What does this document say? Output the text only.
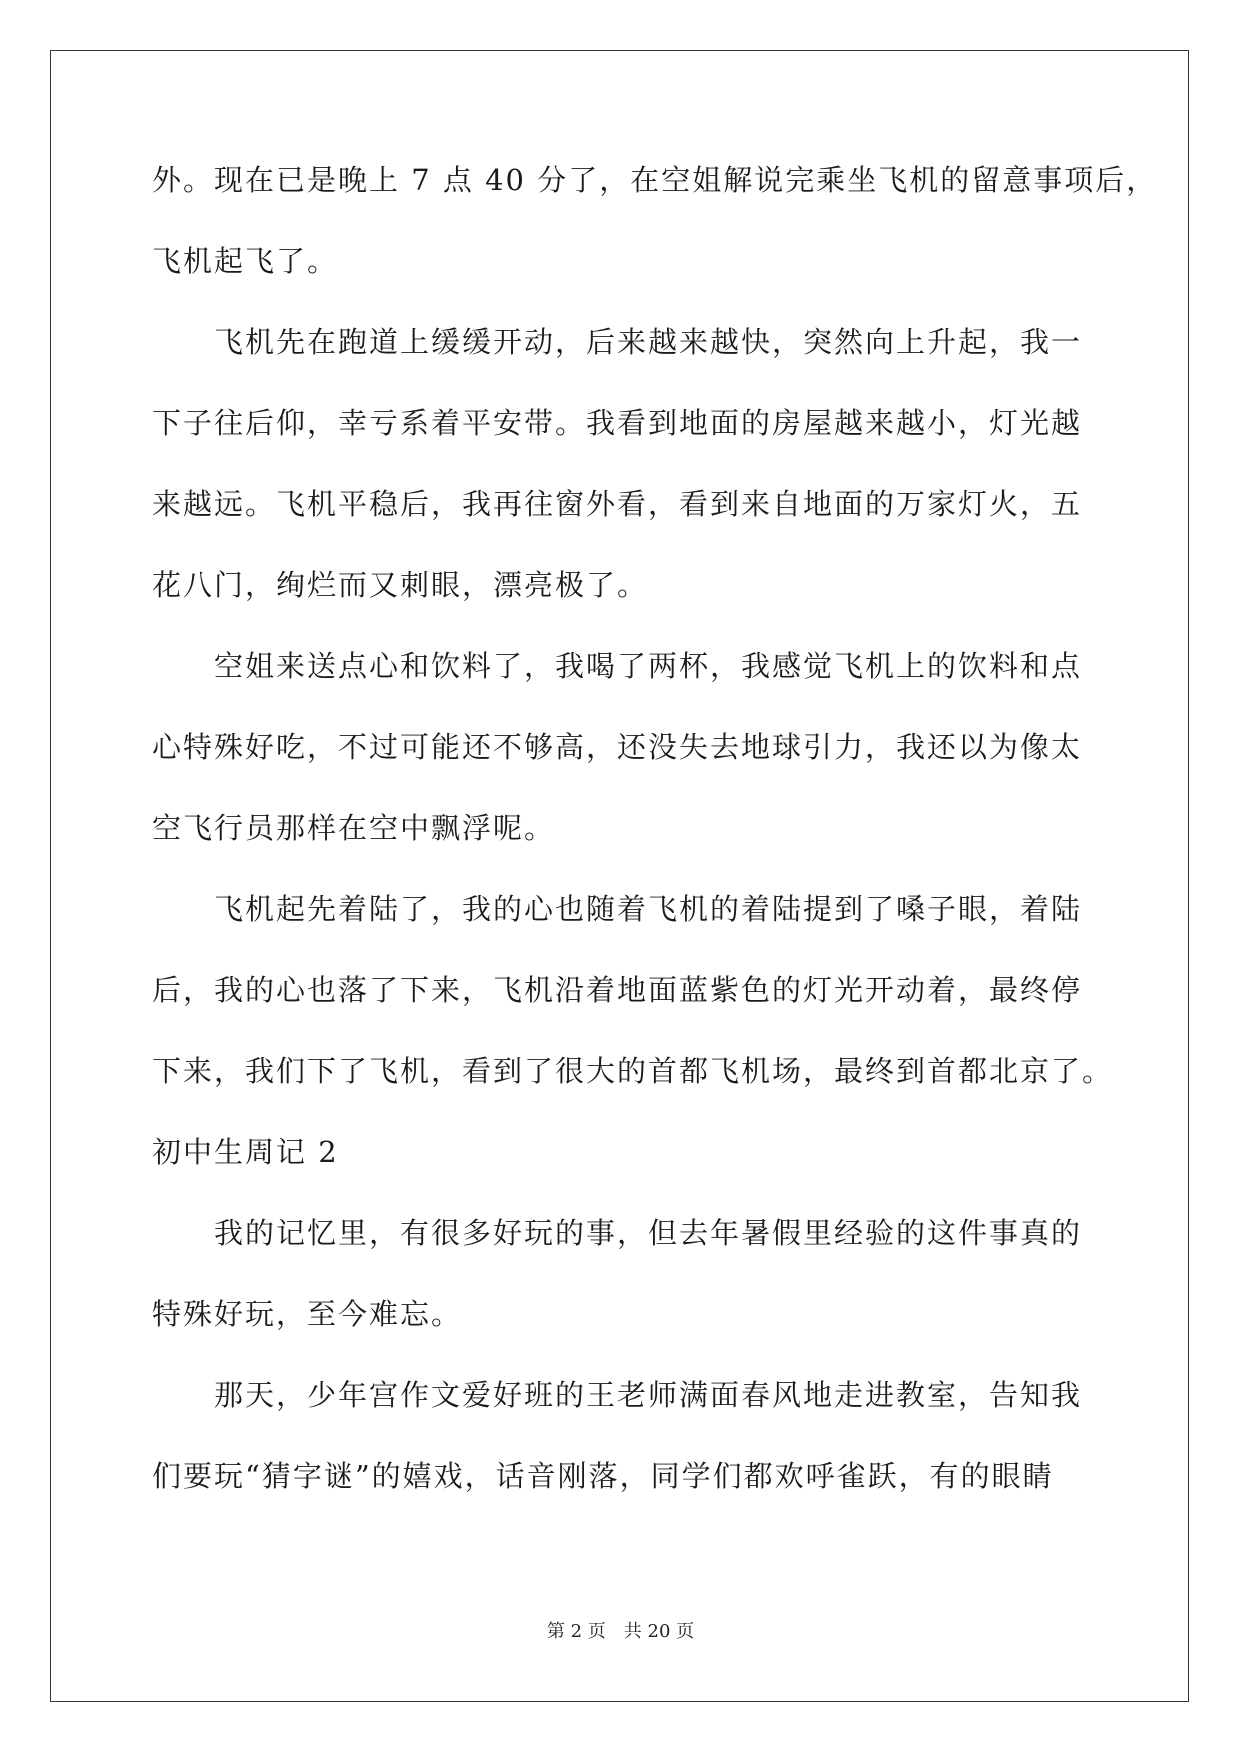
外。现在已是晚上 7 点 40 分了，在空姐解说完乘坐飞机的留意事项后，
飞机起飞了。
　　飞机先在跑道上缓缓开动，后来越来越快，突然向上升起，我一
下子往后仰，幸亏系着平安带。我看到地面的房屋越来越小，灯光越
来越远。飞机平稳后，我再往窗外看，看到来自地面的万家灯火，五
花八门，绚烂而又刺眼，漂亮极了。
　　空姐来送点心和饮料了，我喝了两杯，我感觉飞机上的饮料和点
心特殊好吃，不过可能还不够高，还没失去地球引力，我还以为像太
空飞行员那样在空中飘浮呢。
　　飞机起先着陆了，我的心也随着飞机的着陆提到了嗓子眼，着陆
后，我的心也落了下来，飞机沿着地面蓝紫色的灯光开动着，最终停
下来，我们下了飞机，看到了很大的首都飞机场，最终到首都北京了。
初中生周记 2
　　我的记忆里，有很多好玩的事，但去年暑假里经验的这件事真的
特殊好玩，至今难忘。
　　那天，少年宫作文爱好班的王老师满面春风地走进教室，告知我
们要玩“猜字谜”的嬉戏，话音刚落，同学们都欢呼雀跃，有的眼睛
第 2 页　共 20 页
